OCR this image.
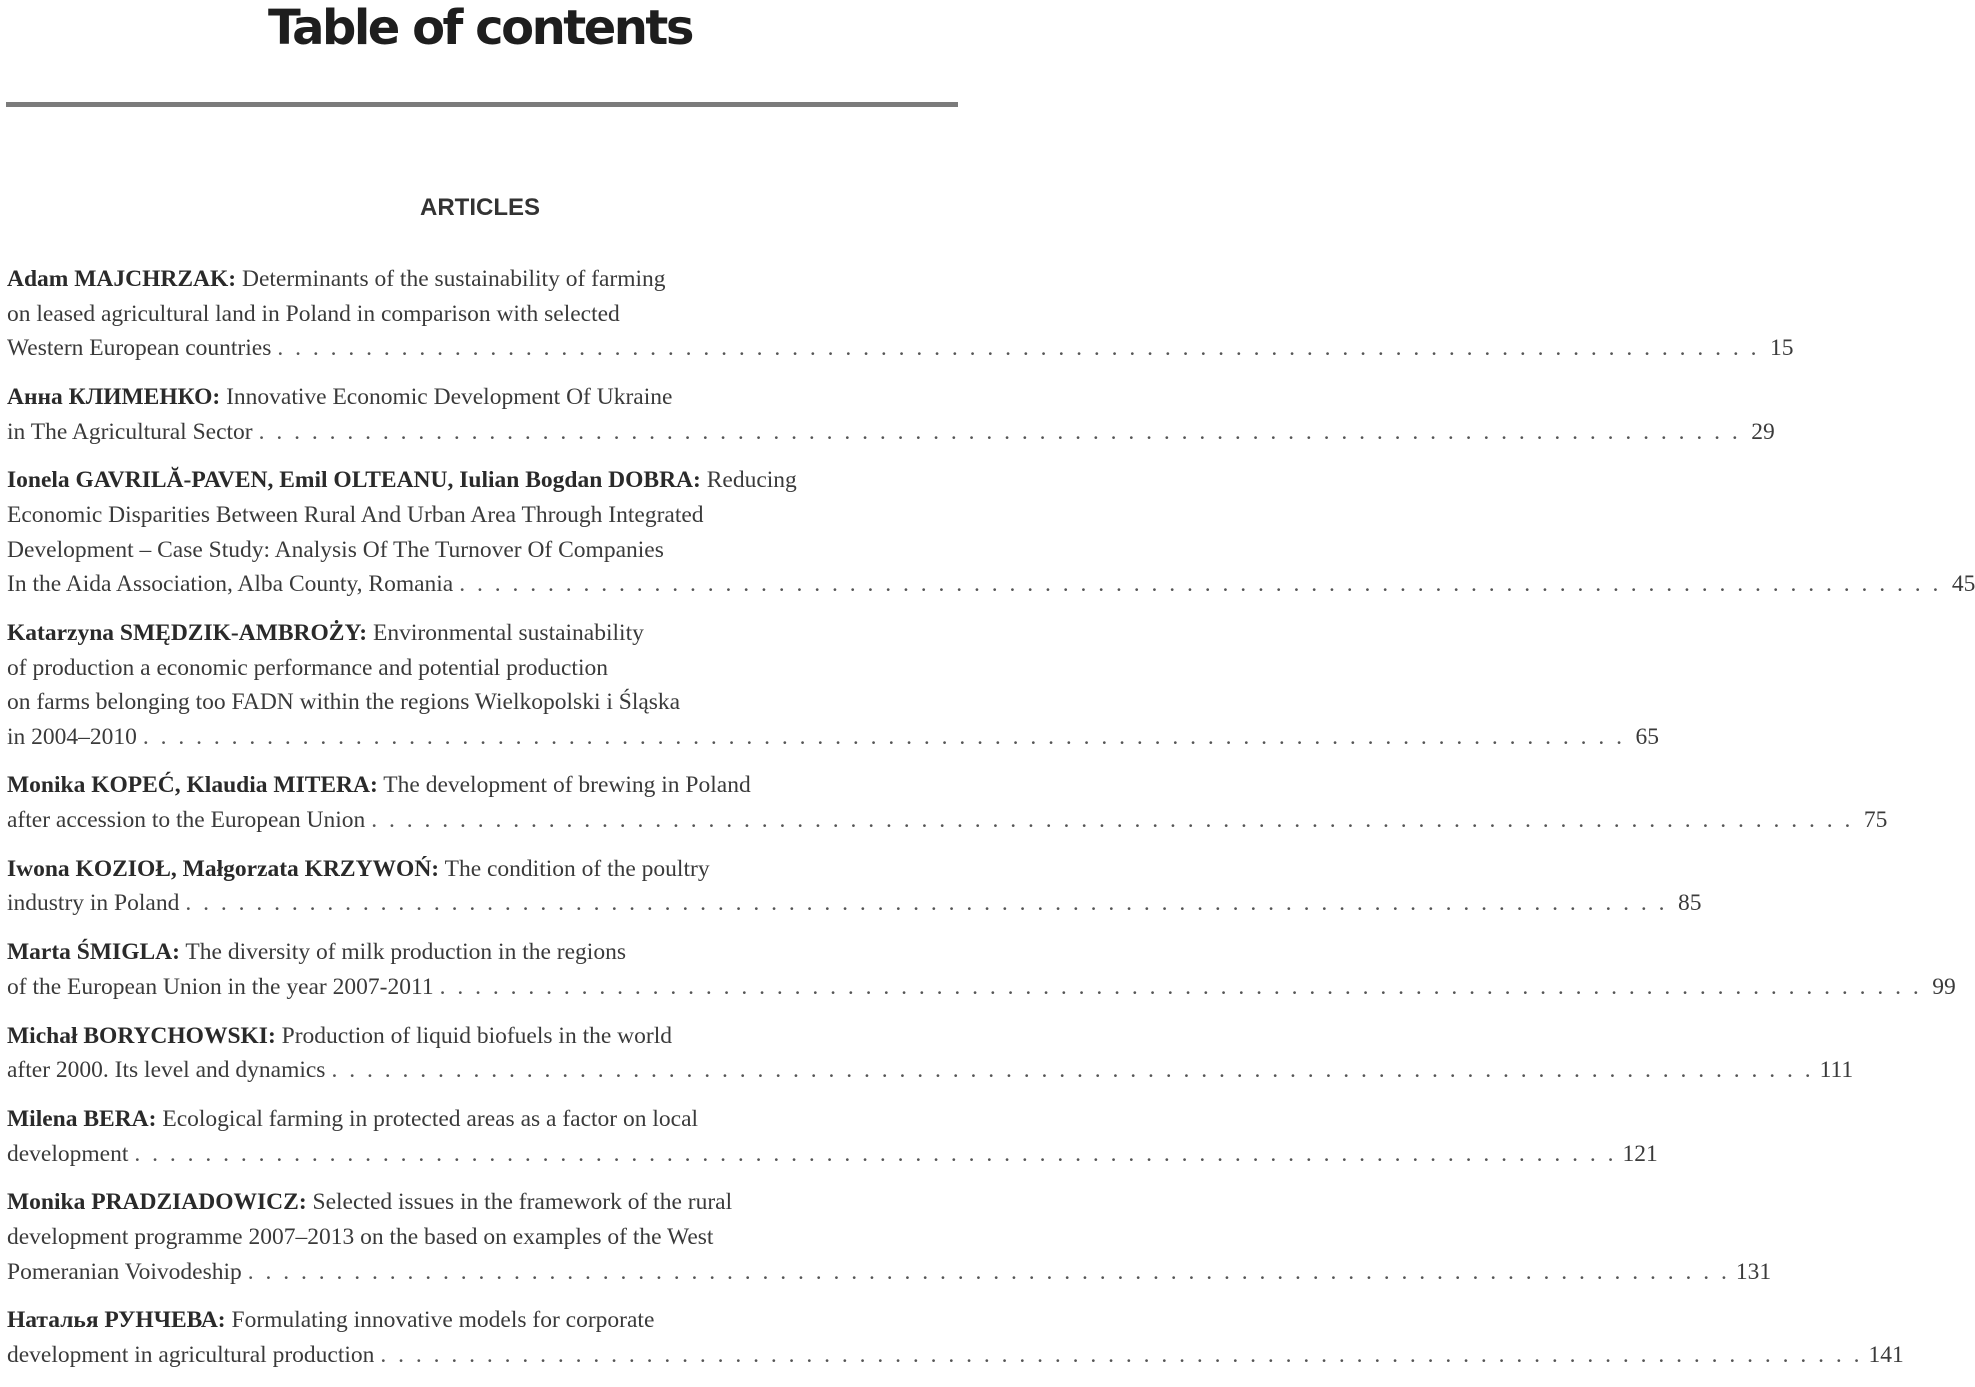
Table of contents
ARTICLES
Adam MAJCHRZAK: Determinants of the sustainability of farming
on leased agricultural land in Poland in comparison with selected
Western European countries . . . . . . . . . . . . . . . . . . . . . . . . . . . . . . . . . . . . . . . . . . . . . . . . . . . . . . . . . . . . . . . . . . . . . . . . . . . . . . . . . . . . 15
Анна КЛИМЕНКО: Innovative Economic Development Of Ukraine
in The Agricultural Sector . . . . . . . . . . . . . . . . . . . . . . . . . . . . . . . . . . . . . . . . . . . . . . . . . . . . . . . . . . . . . . . . . . . . . . . . . . . . . . . . . . . . 29
Ionela GAVRILĂ-PAVEN, Emil OLTEANU, Iulian Bogdan DOBRA: Reducing
Economic Disparities Between Rural And Urban Area Through Integrated
Development – Case Study: Analysis Of The Turnover Of Companies
In the Aida Association, Alba County, Romania . . . . . . . . . . . . . . . . . . . . . . . . . . . . . . . . . . . . . . . . . . . . . . . . . . . . . . . . . . . . . . . . . . . . . . . . . . . . . . . . . . . . 45
Katarzyna SMĘDZIK-AMBROŻY: Environmental sustainability
of production a economic performance and potential production
on farms belonging too FADN within the regions Wielkopolski i Śląska
in 2004–2010 . . . . . . . . . . . . . . . . . . . . . . . . . . . . . . . . . . . . . . . . . . . . . . . . . . . . . . . . . . . . . . . . . . . . . . . . . . . . . . . . . . . . 65
Monika KOPEĆ, Klaudia MITERA: The development of brewing in Poland
after accession to the European Union . . . . . . . . . . . . . . . . . . . . . . . . . . . . . . . . . . . . . . . . . . . . . . . . . . . . . . . . . . . . . . . . . . . . . . . . . . . . . . . . . . . . 75
Iwona KOZIOŁ, Małgorzata KRZYWOŃ: The condition of the poultry
industry in Poland . . . . . . . . . . . . . . . . . . . . . . . . . . . . . . . . . . . . . . . . . . . . . . . . . . . . . . . . . . . . . . . . . . . . . . . . . . . . . . . . . . . . 85
Marta ŚMIGLA: The diversity of milk production in the regions
of the European Union in the year 2007-2011 . . . . . . . . . . . . . . . . . . . . . . . . . . . . . . . . . . . . . . . . . . . . . . . . . . . . . . . . . . . . . . . . . . . . . . . . . . . . . . . . . . . . 99
Michał BORYCHOWSKI: Production of liquid biofuels in the world
after 2000. Its level and dynamics . . . . . . . . . . . . . . . . . . . . . . . . . . . . . . . . . . . . . . . . . . . . . . . . . . . . . . . . . . . . . . . . . . . . . . . . . . . . . . . . . . . . 111
Milena BERA: Ecological farming in protected areas as a factor on local
development . . . . . . . . . . . . . . . . . . . . . . . . . . . . . . . . . . . . . . . . . . . . . . . . . . . . . . . . . . . . . . . . . . . . . . . . . . . . . . . . . . . . 121
Monika PRADZIADOWICZ: Selected issues in the framework of the rural
development programme 2007–2013 on the based on examples of the West
Pomeranian Voivodeship . . . . . . . . . . . . . . . . . . . . . . . . . . . . . . . . . . . . . . . . . . . . . . . . . . . . . . . . . . . . . . . . . . . . . . . . . . . . . . . . . . . . 131
Наталья РУНЧЕВА: Formulating innovative models for corporate
development in agricultural production . . . . . . . . . . . . . . . . . . . . . . . . . . . . . . . . . . . . . . . . . . . . . . . . . . . . . . . . . . . . . . . . . . . . . . . . . . . . . . . . . . . . 141
